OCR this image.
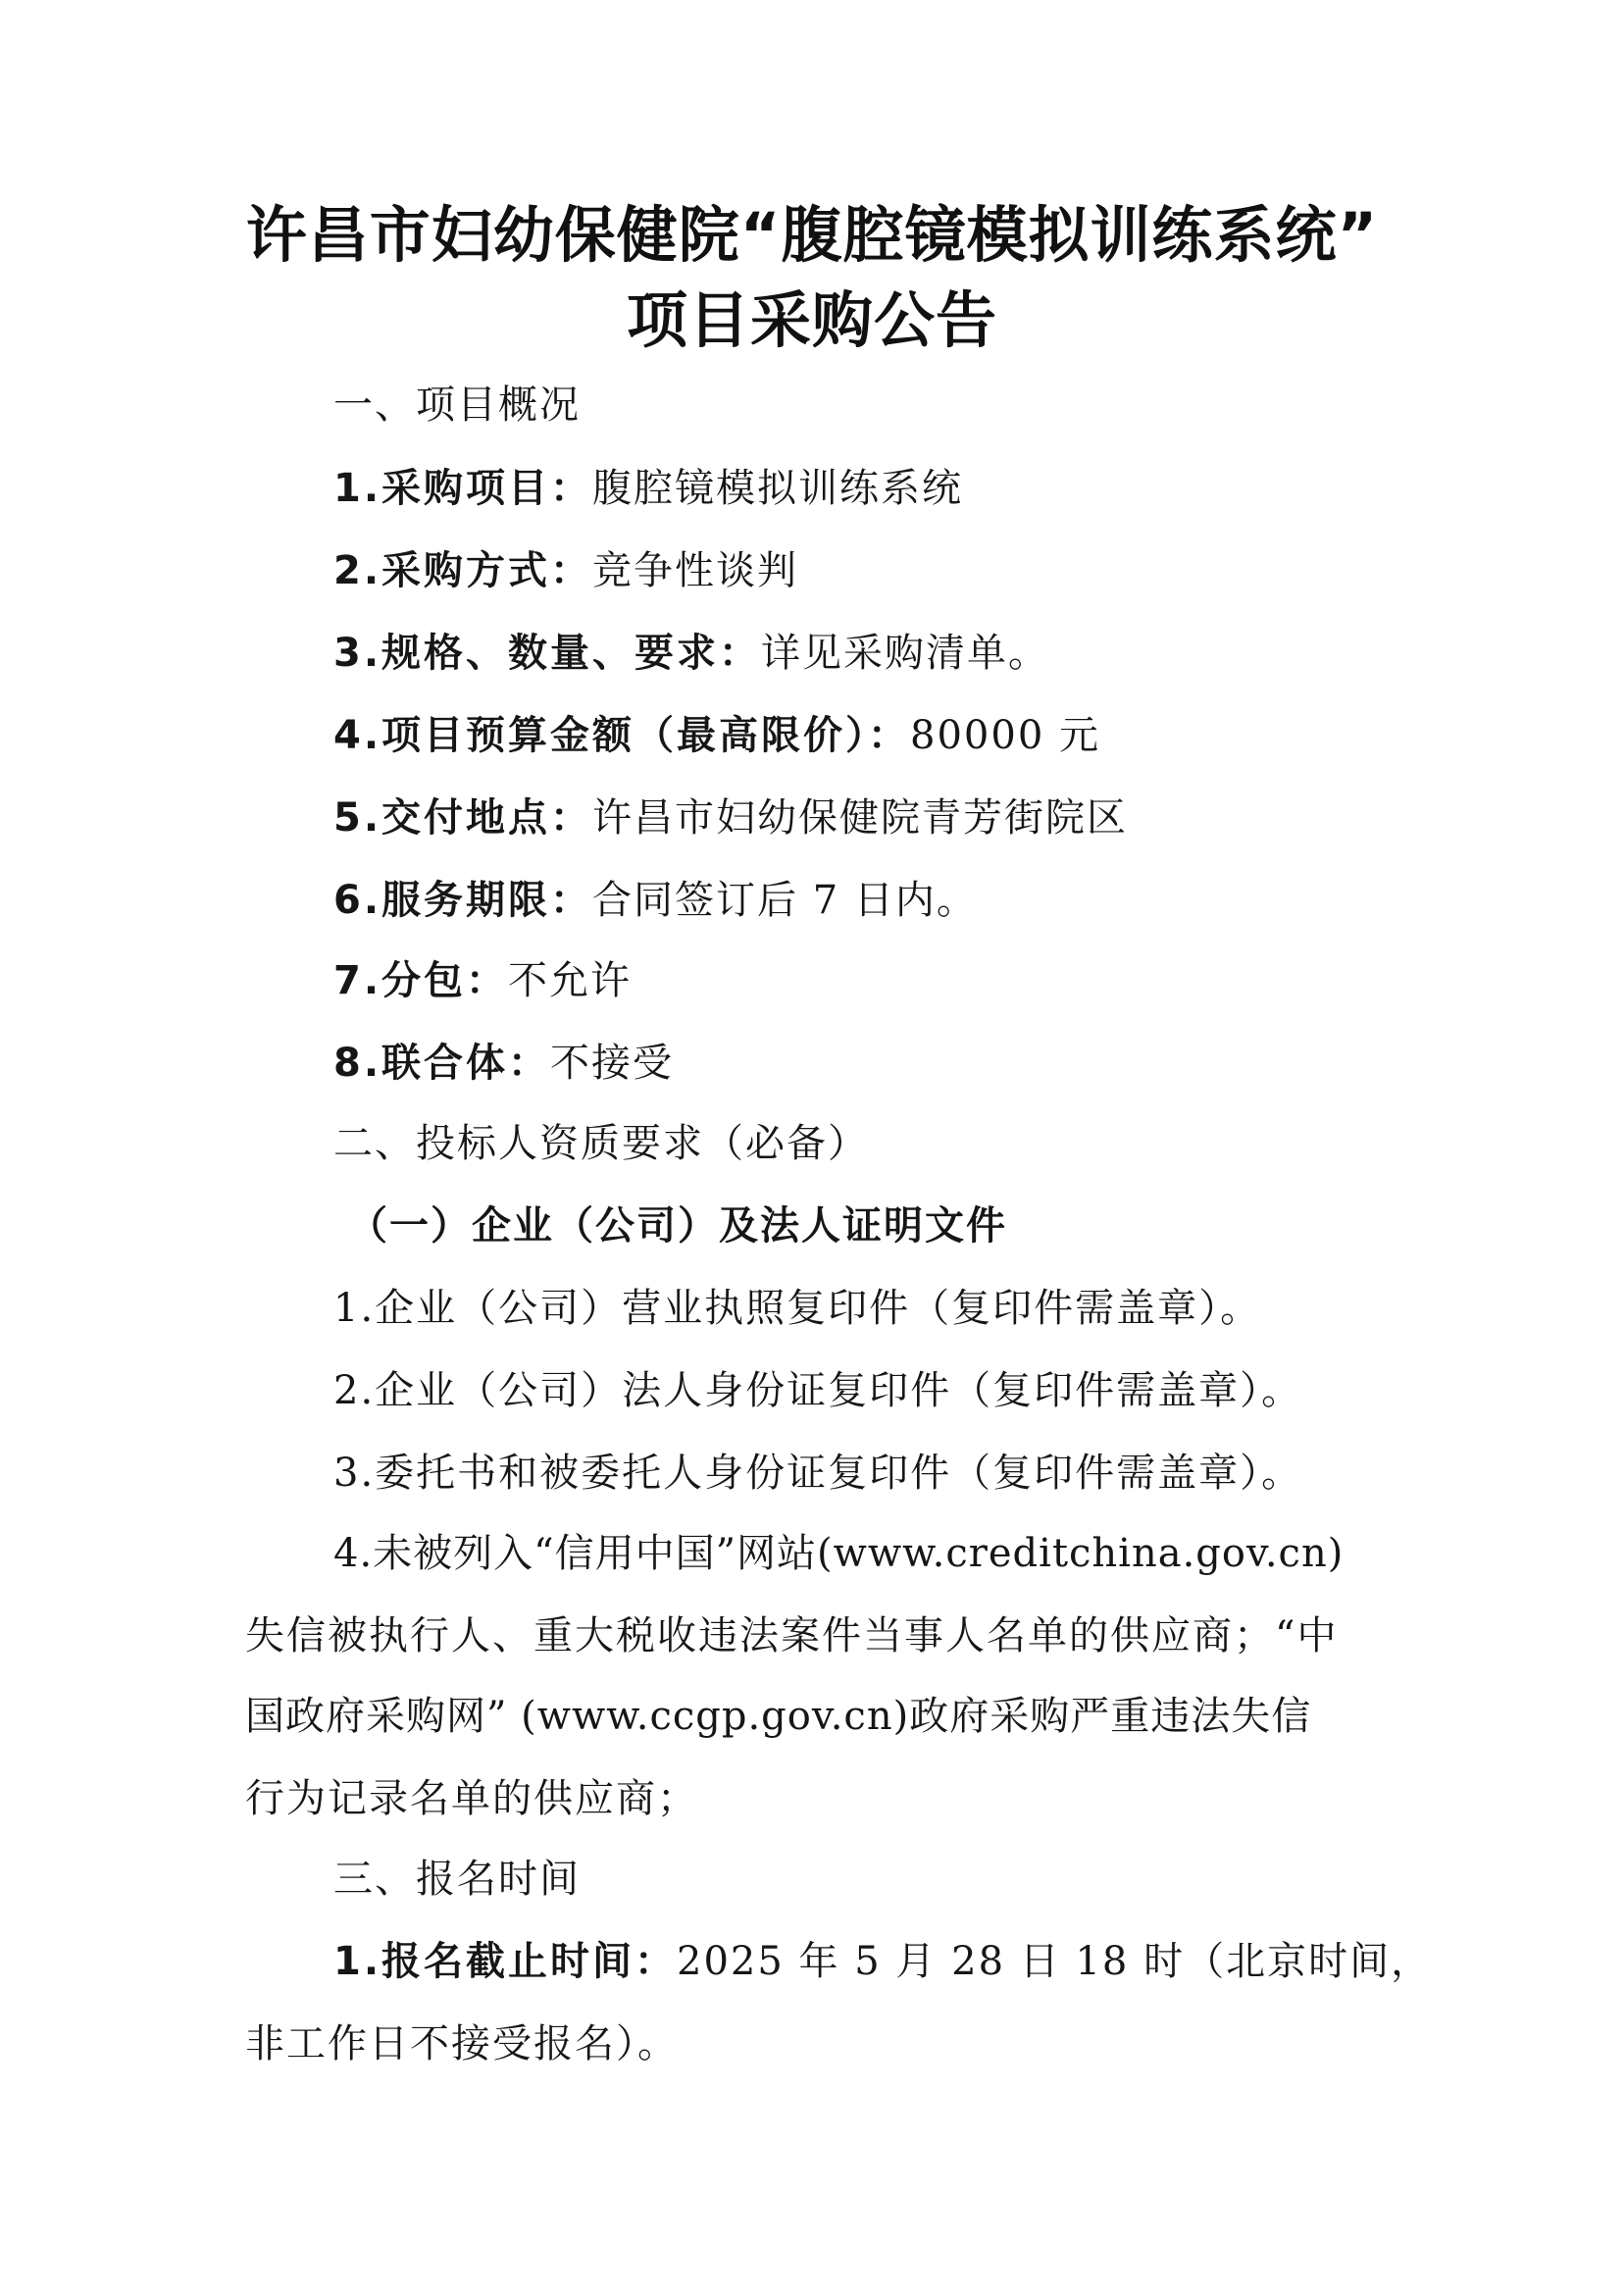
许昌市妇幼保健院“腹腔镜模拟训练系统”
项目采购公告
一、项目概况
1.采购项目：腹腔镜模拟训练系统
2.采购方式：竞争性谈判
3.规格、数量、要求：详见采购清单。
4.项目预算金额（最高限价）：80000 元
5.交付地点：许昌市妇幼保健院青芳街院区
6.服务期限：合同签订后 7 日内。
7.分包：不允许
8.联合体：不接受
二、投标人资质要求（必备）
（一）企业（公司）及法人证明文件
1.企业（公司）营业执照复印件（复印件需盖章）。
2.企业（公司）法人身份证复印件（复印件需盖章）。
3.委托书和被委托人身份证复印件（复印件需盖章）。
4.未被列入“信用中国”网站(www.creditchina.gov.cn)
失信被执行人、重大税收违法案件当事人名单的供应商；“中
国政府采购网” (www.ccgp.gov.cn)政府采购严重违法失信
行为记录名单的供应商；
三、报名时间
1.报名截止时间：2025 年 5 月 28 日 18 时（北京时间，
非工作日不接受报名）。
